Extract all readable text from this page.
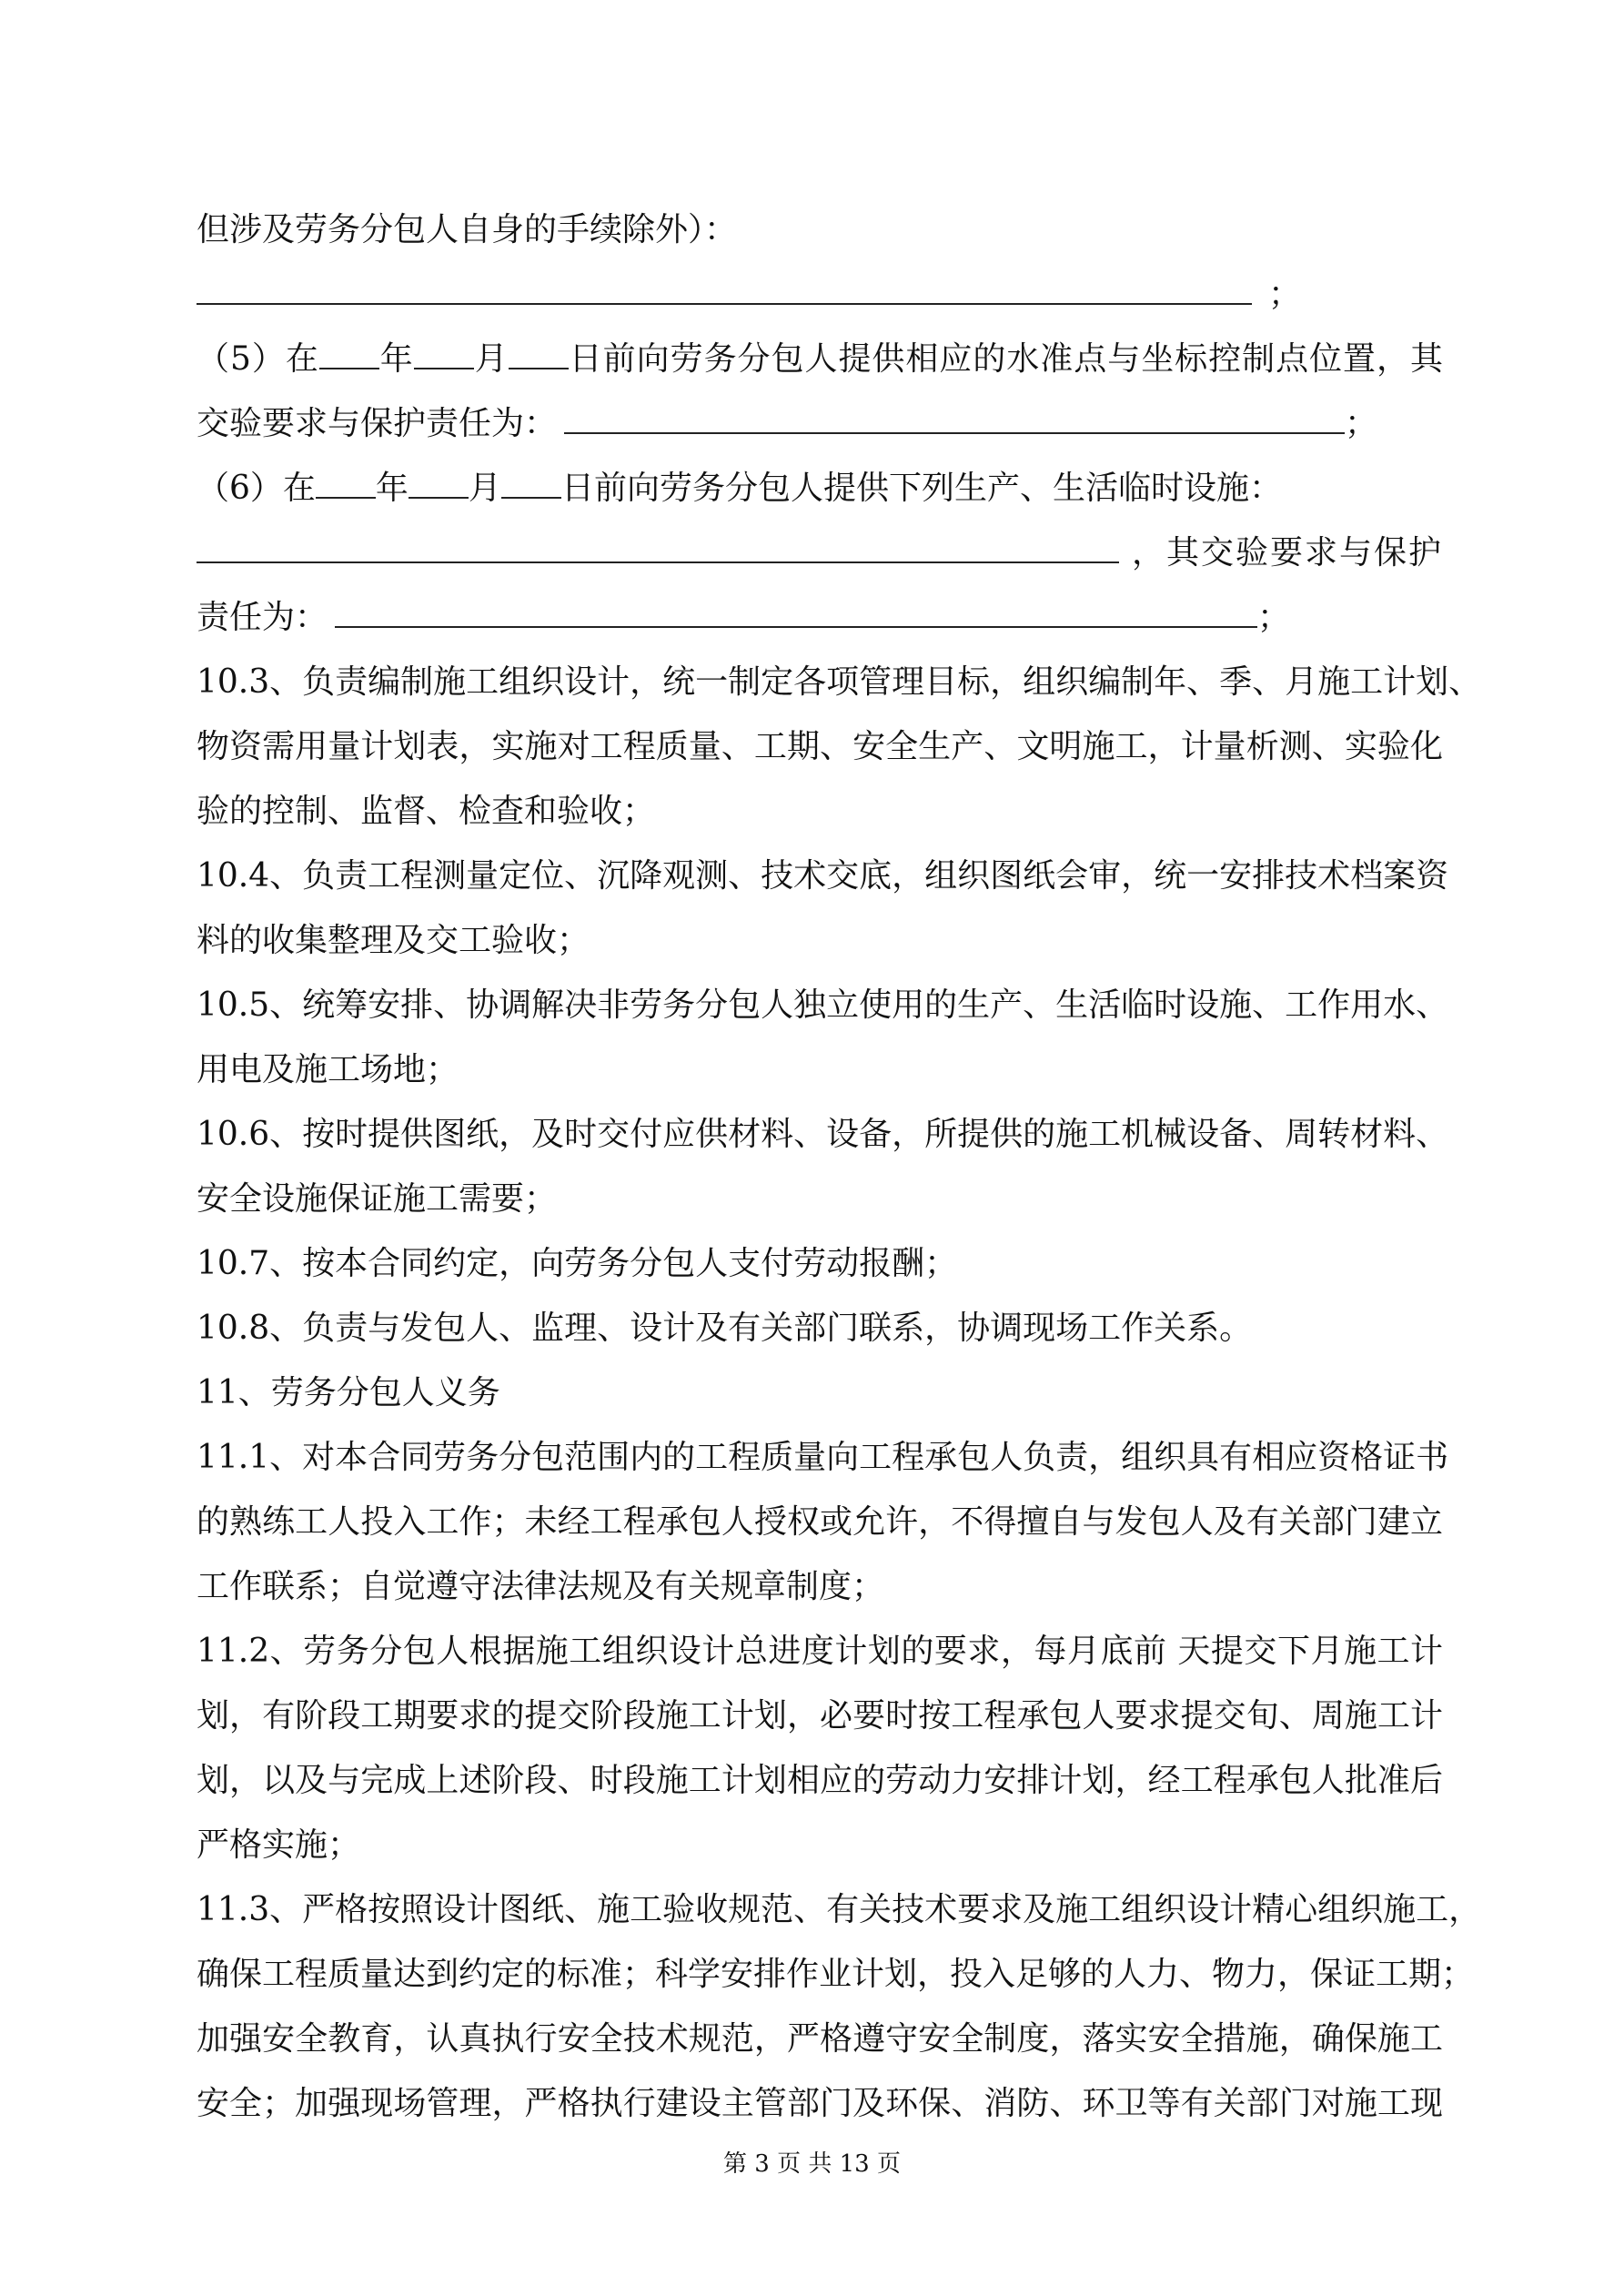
但涉及劳务分包人自身的手续除外）：
；
（5）在 年 月 日前向劳务分包人提供相应的水准点与坐标控制点位置，其
交验要求与保护责任为：	；
（6）在 年 月 日前向劳务分包人提供下列生产、生活临时设施：
，其交验要求与保护
责任为：	；
10.3、负责编制施工组织设计，统一制定各项管理目标，组织编制年、季、月施工计划、
物资需用量计划表，实施对工程质量、工期、安全生产、文明施工，计量析测、实验化
验的控制、监督、检查和验收；
10.4、负责工程测量定位、沉降观测、技术交底，组织图纸会审，统一安排技术档案资
料的收集整理及交工验收；
10.5、统筹安排、协调解决非劳务分包人独立使用的生产、生活临时设施、工作用水、
用电及施工场地；
10.6、按时提供图纸，及时交付应供材料、设备，所提供的施工机械设备、周转材料、
安全设施保证施工需要；
10.7、按本合同约定，向劳务分包人支付劳动报酬；
10.8、负责与发包人、监理、设计及有关部门联系，协调现场工作关系。
11、劳务分包人义务
11.1、对本合同劳务分包范围内的工程质量向工程承包人负责，组织具有相应资格证书
的熟练工人投入工作；未经工程承包人授权或允许，不得擅自与发包人及有关部门建立
工作联系；自觉遵守法律法规及有关规章制度；
11.2、劳务分包人根据施工组织设计总进度计划的要求，每月底前 天提交下月施工计
划，有阶段工期要求的提交阶段施工计划，必要时按工程承包人要求提交旬、周施工计
划，以及与完成上述阶段、时段施工计划相应的劳动力安排计划，经工程承包人批准后
严格实施；
11.3、严格按照设计图纸、施工验收规范、有关技术要求及施工组织设计精心组织施工，
确保工程质量达到约定的标准；科学安排作业计划，投入足够的人力、物力，保证工期；
加强安全教育，认真执行安全技术规范，严格遵守安全制度，落实安全措施，确保施工
安全；加强现场管理，严格执行建设主管部门及环保、消防、环卫等有关部门对施工现
第 3 页 共 13 页
